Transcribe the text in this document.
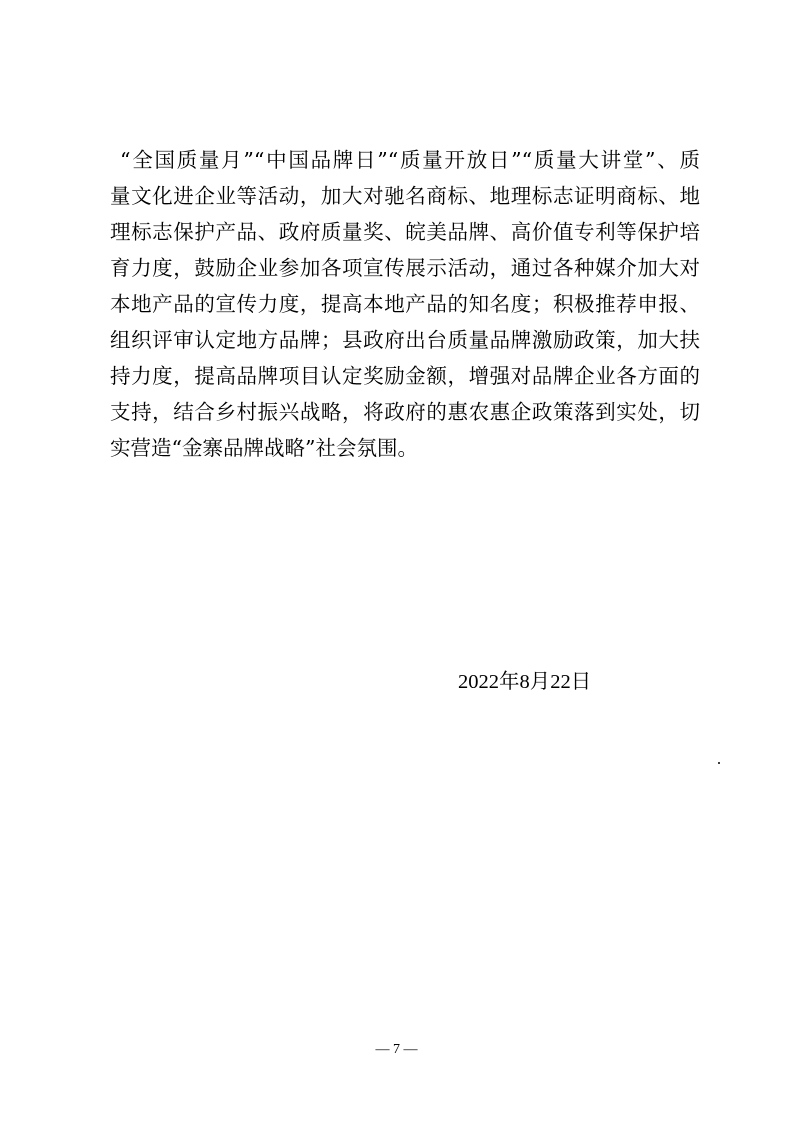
“全国质量月”“中国品牌日”“质量开放日”“质量大讲堂”、质
量文化进企业等活动，加大对驰名商标、地理标志证明商标、地
理标志保护产品、政府质量奖、皖美品牌、高价值专利等保护培
育力度，鼓励企业参加各项宣传展示活动，通过各种媒介加大对
本地产品的宣传力度，提高本地产品的知名度；积极推荐申报、
组织评审认定地方品牌；县政府出台质量品牌激励政策，加大扶
持力度，提高品牌项目认定奖励金额，增强对品牌企业各方面的
支持，结合乡村振兴战略，将政府的惠农惠企政策落到实处，切
实营造“金寨品牌战略”社会氛围。
2022年8月22日
— 7 —
